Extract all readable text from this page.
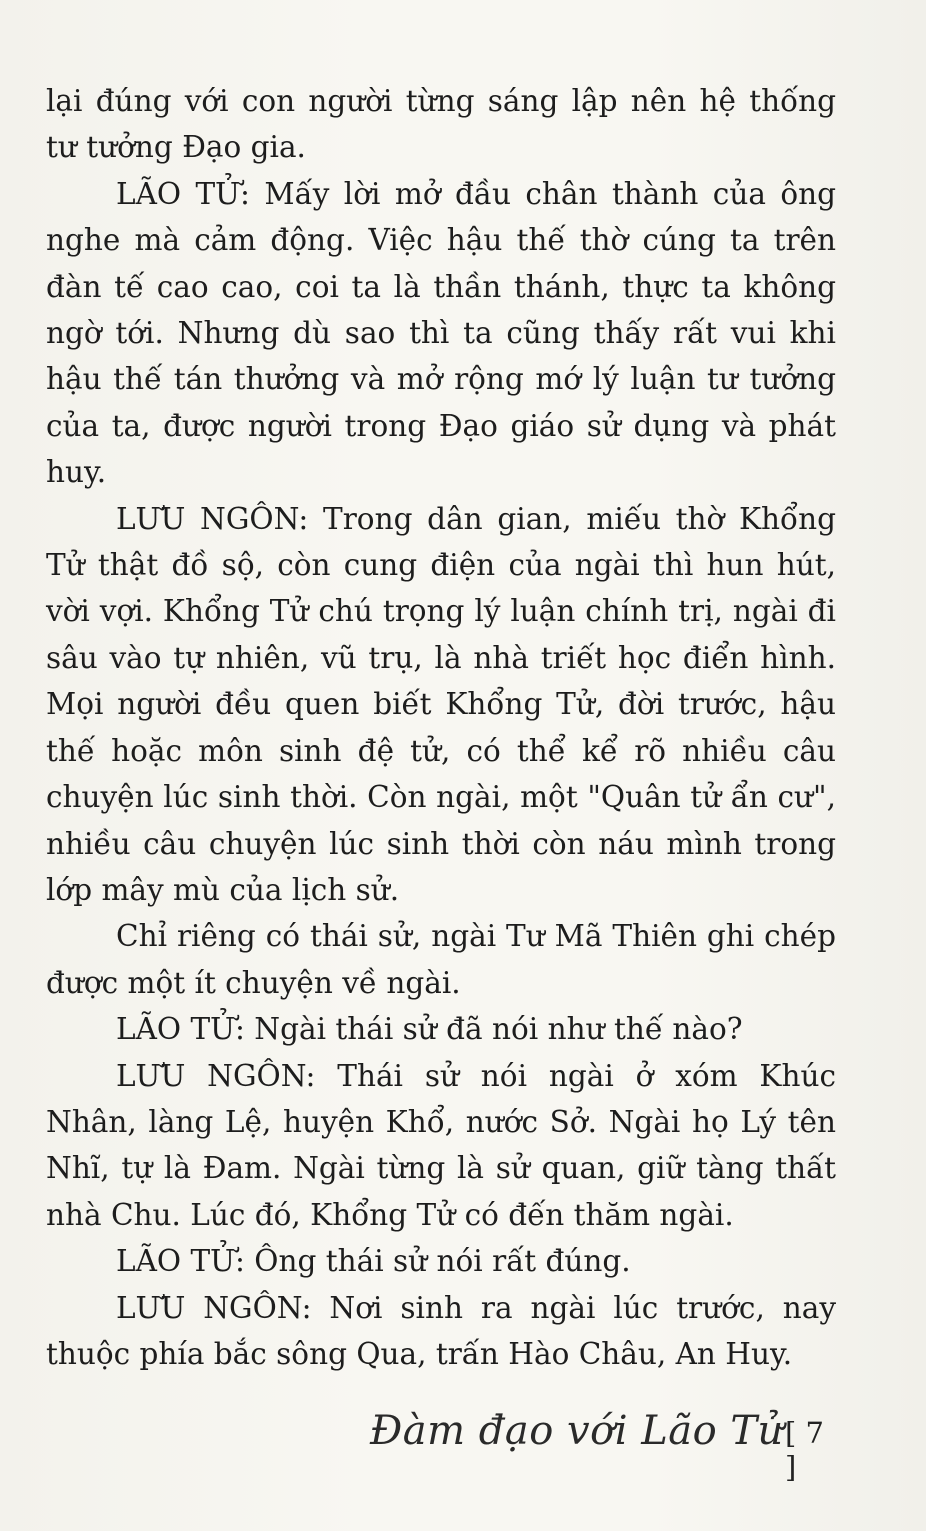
lại đúng với con người từng sáng lập nên hệ thống tư tưởng Đạo gia.

LÃO TỬ: Mấy lời mở đầu chân thành của ông nghe mà cảm động. Việc hậu thế thờ cúng ta trên đàn tế cao cao, coi ta là thần thánh, thực ta không ngờ tới. Nhưng dù sao thì ta cũng thấy rất vui khi hậu thế tán thưởng và mở rộng mớ lý luận tư tưởng của ta, được người trong Đạo giáo sử dụng và phát huy.

LƯU NGÔN: Trong dân gian, miếu thờ Khổng Tử thật đồ sộ, còn cung điện của ngài thì hun hút, vời vợi. Khổng Tử chú trọng lý luận chính trị, ngài đi sâu vào tự nhiên, vũ trụ, là nhà triết học điển hình. Mọi người đều quen biết Khổng Tử, đời trước, hậu thế hoặc môn sinh đệ tử, có thể kể rõ nhiều câu chuyện lúc sinh thời. Còn ngài, một "Quân tử ẩn cư", nhiều câu chuyện lúc sinh thời còn náu mình trong lớp mây mù của lịch sử.

Chỉ riêng có thái sử, ngài Tư Mã Thiên ghi chép được một ít chuyện về ngài.

LÃO TỬ: Ngài thái sử đã nói như thế nào?

LƯU NGÔN: Thái sử nói ngài ở xóm Khúc Nhân, làng Lệ, huyện Khổ, nước Sở. Ngài họ Lý tên Nhĩ, tự là Đam. Ngài từng là sử quan, giữ tàng thất nhà Chu. Lúc đó, Khổng Tử có đến thăm ngài.

LÃO TỬ: Ông thái sử nói rất đúng.

LƯU NGÔN: Nơi sinh ra ngài lúc trước, nay thuộc phía bắc sông Qua, trấn Hào Châu, An Huy.

Đàm đạo với Lão Tử [ 7 ]
